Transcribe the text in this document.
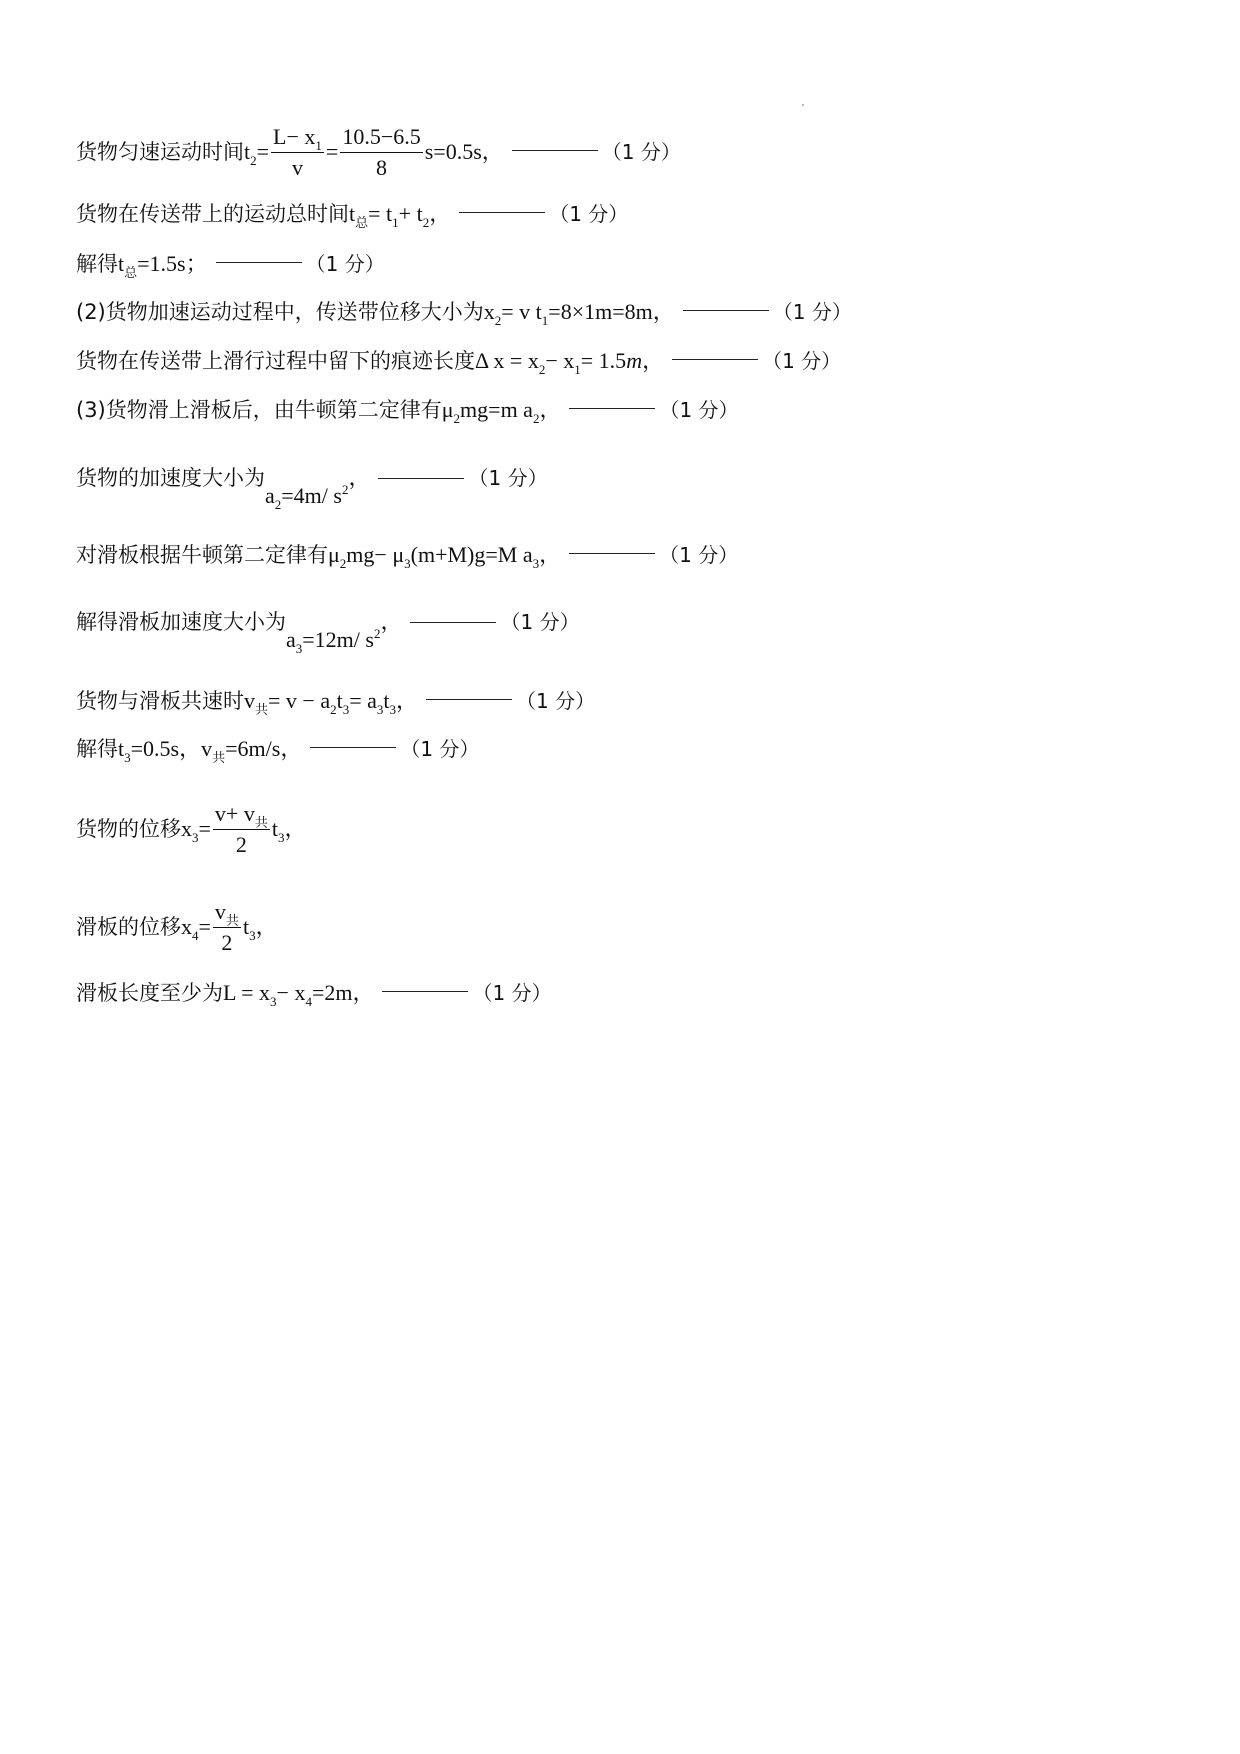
货物匀速运动时间 $t_2= \frac{L- x_1}{v} = \frac{10.5-6.5}{8} s=0.5s$，	（1 分）
货物在传送带上的运动总时间 $t_总= t_1+ t_2$，	（1 分）
解得 $t_总=1.5s$；	（1 分）
(2)货物加速运动过程中，传送带位移大小为 $x_2= v$ $t_1=8\times 1m=8m$，	（1 分）
货物在传送带上滑行过程中留下的痕迹长度 Δ $x = x_2- x_1= 1.5m$，	（1 分）
(3)货物滑上滑板后，由牛顿第二定律有 $\mu_2mg=m$ $a_2$，	（1 分）
货物的加速度大小为
$a_2=4m/$ $s^2$ ，	（1 分）
对滑板根据牛顿第二定律有 $\mu_2mg- \mu_3(m+M)g=M$ $a_3$，	（1 分）
解得滑板加速度大小为
$a_3=12m/$ $s^2$ ，	（1 分）
货物与滑板共速时 $v_共= v - a_2t_3= a_3t_3$，	（1 分）
解得 $t_3=0.5s$，$v_共=6m/s$，	（1 分）
货物的位移 $x_3= \frac{v+ v_共}{2} t_3$，
滑板的位移 $x_4= \frac{v_共}{2} t_3$，
滑板长度至少为 $L = x_3- x_4=2m$，	（1 分）
